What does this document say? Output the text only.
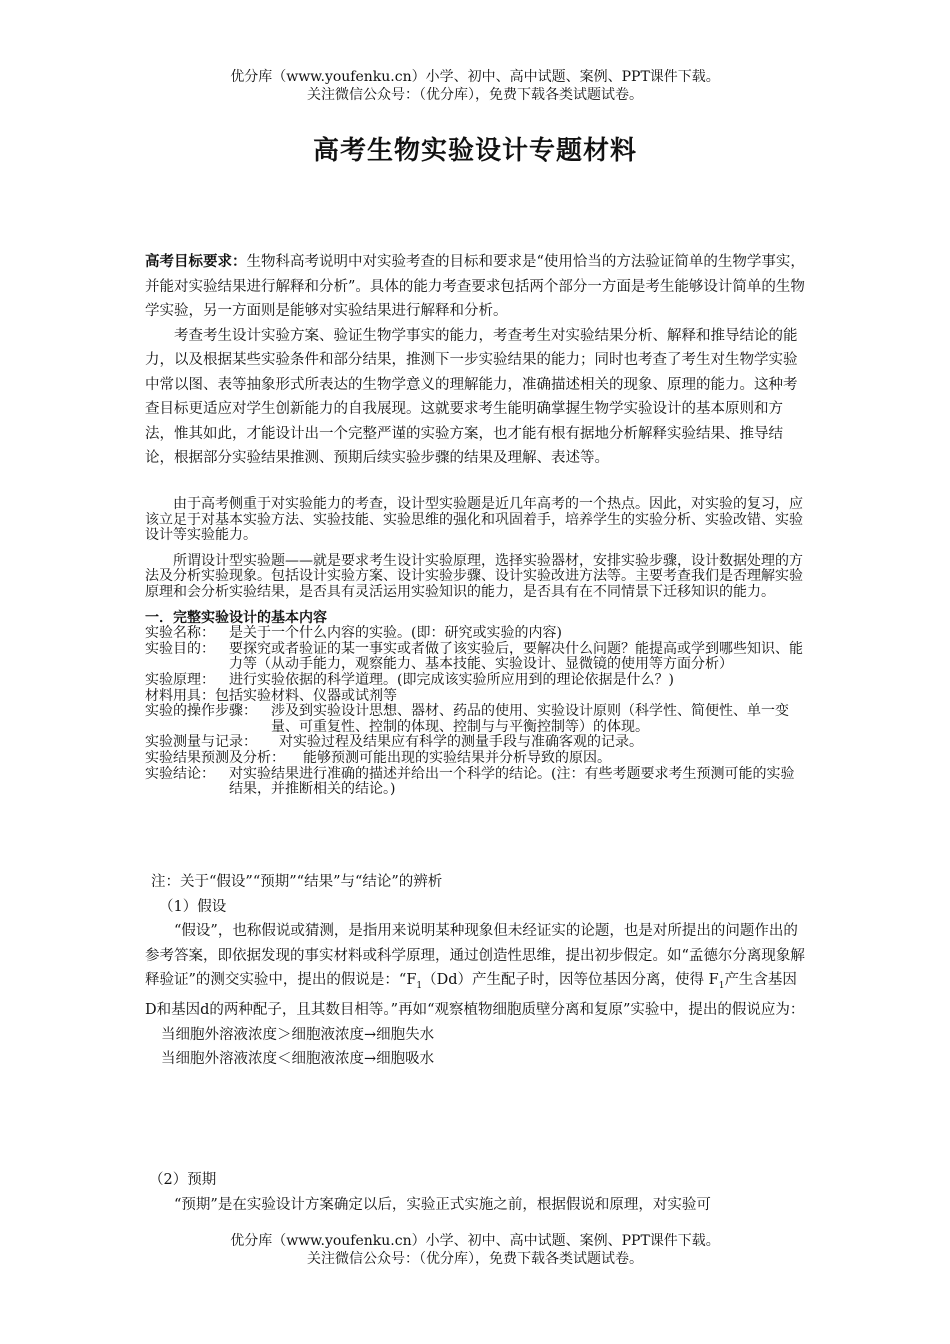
优分库（www.youfenku.cn）小学、初中、高中试题、案例、PPT课件下载。
关注微信公众号：（优分库），免费下载各类试题试卷。
高考生物实验设计专题材料

高考目标要求：生物科高考说明中对实验考查的目标和要求是“使用恰当的方法验证简单的生物学事实，并能对实验结果进行解释和分析”。具体的能力考查要求包括两个部分一方面是考生能够设计简单的生物学实验，另一方面则是能够对实验结果进行解释和分析。

考查考生设计实验方案、验证生物学事实的能力，考查考生对实验结果分析、解释和推导结论的能力，以及根据某些实验条件和部分结果，推测下一步实验结果的能力；同时也考查了考生对生物学实验中常以图、表等抽象形式所表达的生物学意义的理解能力，准确描述相关的现象、原理的能力。这种考查目标更适应对学生创新能力的自我展现。这就要求考生能明确掌握生物学实验设计的基本原则和方法，惟其如此，才能设计出一个完整严谨的实验方案，也才能有根有据地分析解释实验结果、推导结论，根据部分实验结果推测、预期后续实验步骤的结果及理解、表述等。

由于高考侧重于对实验能力的考查，设计型实验题是近几年高考的一个热点。因此，对实验的复习，应该立足于对基本实验方法、实验技能、实验思维的强化和巩固着手，培养学生的实验分析、实验改错、实验设计等实验能力。

所谓设计型实验题——就是要求考生设计实验原理，选择实验器材，安排实验步骤，设计数据处理的方法及分析实验现象。包括设计实验方案、设计实验步骤、设计实验改进方法等。主要考查我们是否理解实验原理和会分析实验结果，是否具有灵活运用实验知识的能力，是否具有在不同情景下迁移知识的能力。

一．完整实验设计的基本内容
实验名称： 是关于一个什么内容的实验。(即：研究或实验的内容)
实验目的： 要探究或者验证的某一事实或者做了该实验后，要解决什么问题？能提高或学到哪些知识、能力等（从动手能力，观察能力、基本技能、实验设计、显微镜的使用等方面分析）
实验原理： 进行实验依据的科学道理。(即完成该实验所应用到的理论依据是什么？)
材料用具： 包括实验材料、仪器或试剂等
实验的操作步骤： 涉及到实验设计思想、器材、药品的使用、实验设计原则（科学性、简便性、单一变量、可重复性、控制的体现、控制与与平衡控制等）的体现。
实验测量与记录： 对实验过程及结果应有科学的测量手段与准确客观的记录。
实验结果预测及分析： 能够预测可能出现的实验结果并分析导致的原因。
实验结论： 对实验结果进行准确的描述并给出一个科学的结论。(注：有些考题要求考生预测可能的实验结果，并推断相关的结论。)

注：关于“假设”“预期”“结果”与“结论”的辨析

（1）假设

“假设”，也称假说或猜测，是指用来说明某种现象但未经证实的论题，也是对所提出的问题作出的参考答案，即依据发现的事实材料或科学原理，通过创造性思维，提出初步假定。如“孟德尔分离现象解释验证”的测交实验中，提出的假说是：“$F_1(Dd)$产生配子时，因等位基因分离，使得 $F_1$产生含基因D和基因d的两种配子，且其数目相等。”再如“观察植物细胞质壁分离和复原”实验中，提出的假说应为：

当细胞外溶液浓度＞细胞液浓度→细胞失水

当细胞外溶液浓度＜细胞液浓度→细胞吸水

（2）预期

“预期”是在实验设计方案确定以后，实验正式实施之前，根据假说和原理，对实验可

优分库（www.youfenku.cn）小学、初中、高中试题、案例、PPT课件下载。
关注微信公众号：（优分库），免费下载各类试题试卷。
